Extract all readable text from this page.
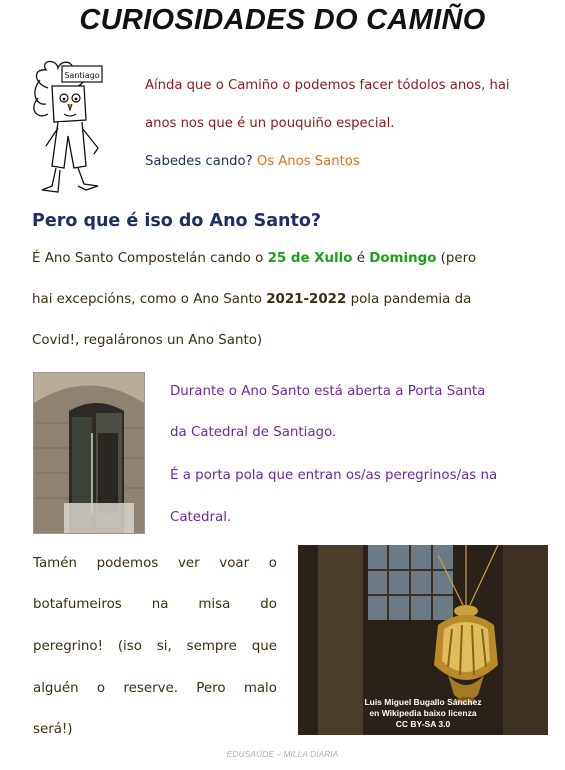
CURIOSIDADES DO CAMIÑO
Santiago
Aínda que o Camiño o podemos facer tódolos anos, hai
anos nos que é un pouquiño especial.
Sabedes cando? Os Anos Santos
Pero que é iso do Ano Santo?
É Ano Santo Compostelán cando o 25 de Xullo é Domingo (pero
hai excepcións, como o Ano Santo 2021-2022 pola pandemia da
Covid!, regaláronos un Ano Santo)
Durante o Ano Santo está aberta a Porta Santa
da Catedral de Santiago.
É a porta pola que entran os/as peregrinos/as na
Catedral.
Tamén podemos ver voar o
botafumeiros na misa do
peregrino! (iso si, sempre que
alguén o reserve. Pero malo
será!)
Luis Miguel Bugallo Sánchez
en Wikipedia baixo licenza
CC BY-SA 3.0
EDUSAÚDE – MILLA DIARIA
